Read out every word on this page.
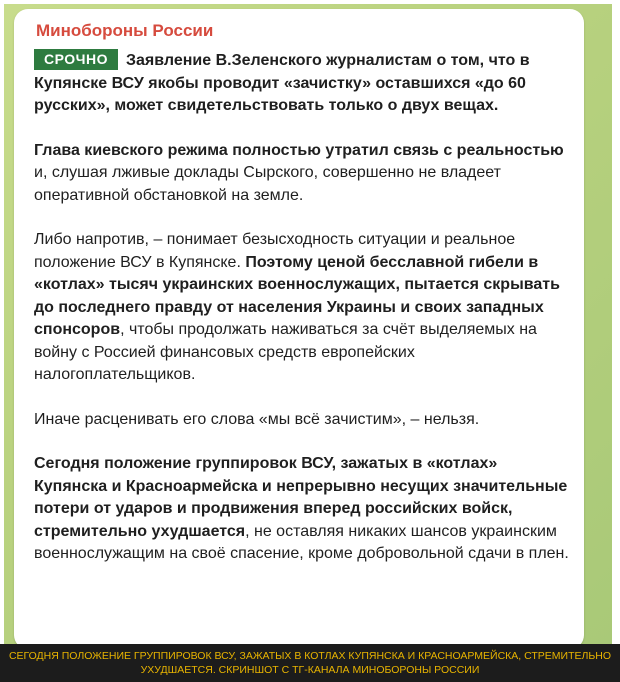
Минобороны России

СРОЧНО Заявление В.Зеленского журналистам о том, что в Купянске ВСУ якобы проводит «зачистку» оставшихся «до 60 русских», может свидетельствовать только о двух вещах.

Глава киевского режима полностью утратил связь с реальностью и, слушая лживые доклады Сырского, совершенно не владеет оперативной обстановкой на земле.

Либо напротив, – понимает безысходность ситуации и реальное положение ВСУ в Купянске. Поэтому ценой бесславной гибели в «котлах» тысяч украинских военнослужащих, пытается скрывать до последнего правду от населения Украины и своих западных спонсоров, чтобы продолжать наживаться за счёт выделяемых на войну с Россией финансовых средств европейских налогоплательщиков.

Иначе расценивать его слова «мы всё зачистим», – нельзя.

Сегодня положение группировок ВСУ, зажатых в «котлах» Купянска и Красноармейска и непрерывно несущих значительные потери от ударов и продвижения вперед российских войск, стремительно ухудшается, не оставляя никаких шансов украинским военнослужащим на своё спасение, кроме добровольной сдачи в плен.

СЕГОДНЯ ПОЛОЖЕНИЕ ГРУППИРОВОК ВСУ, ЗАЖАТЫХ В КОТЛАХ КУПЯНСКА И КРАСНОАРМЕЙСКА, СТРЕМИТЕЛЬНО
УХУДШАЕТСЯ. СКРИНШОТ С ТГ-КАНАЛА МИНОБОРОНЫ РОССИИ
